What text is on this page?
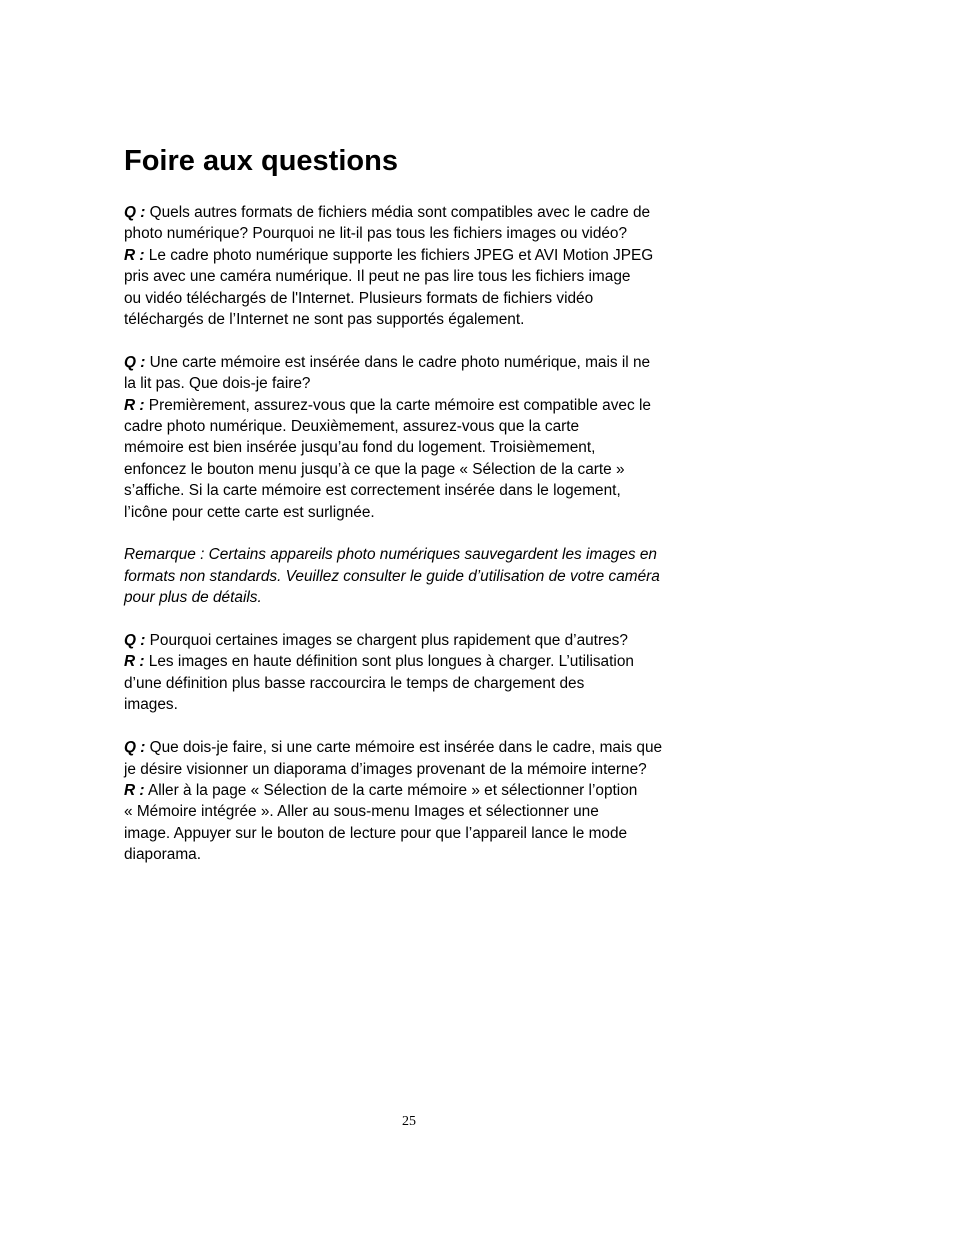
Foire aux questions

Q : Quels autres formats de fichiers média sont compatibles avec le cadre de
photo numérique? Pourquoi ne lit-il pas tous les fichiers images ou vidéo?

R : Le cadre photo numérique supporte les fichiers JPEG et AVI Motion JPEG
pris avec une caméra numérique. Il peut ne pas lire tous les fichiers image
ou vidéo téléchargés de l'Internet. Plusieurs formats de fichiers vidéo
téléchargés de l’Internet ne sont pas supportés également.

Q : Une carte mémoire est insérée dans le cadre photo numérique, mais il ne
la lit pas. Que dois-je faire?

R : Premièrement, assurez-vous que la carte mémoire est compatible avec le
cadre photo numérique. Deuxièmement, assurez-vous que la carte
mémoire est bien insérée jusqu’au fond du logement. Troisièmement,
enfoncez le bouton menu jusqu’à ce que la page « Sélection de la carte »
s’affiche. Si la carte mémoire est correctement insérée dans le logement,
l’icône pour cette carte est surlignée.

Remarque : Certains appareils photo numériques sauvegardent les images en
formats non standards. Veuillez consulter le guide d’utilisation de votre caméra
pour plus de détails.

Q : Pourquoi certaines images se chargent plus rapidement que d’autres?

R : Les images en haute définition sont plus longues à charger. L’utilisation
d’une définition plus basse raccourcira le temps de chargement des
images.

Q : Que dois-je faire, si une carte mémoire est insérée dans le cadre, mais que
je désire visionner un diaporama d’images provenant de la mémoire interne?

R : Aller à la page « Sélection de la carte mémoire » et sélectionner l’option
« Mémoire intégrée ». Aller au sous-menu Images et sélectionner une
image. Appuyer sur le bouton de lecture pour que l’appareil lance le mode
diaporama.

25
